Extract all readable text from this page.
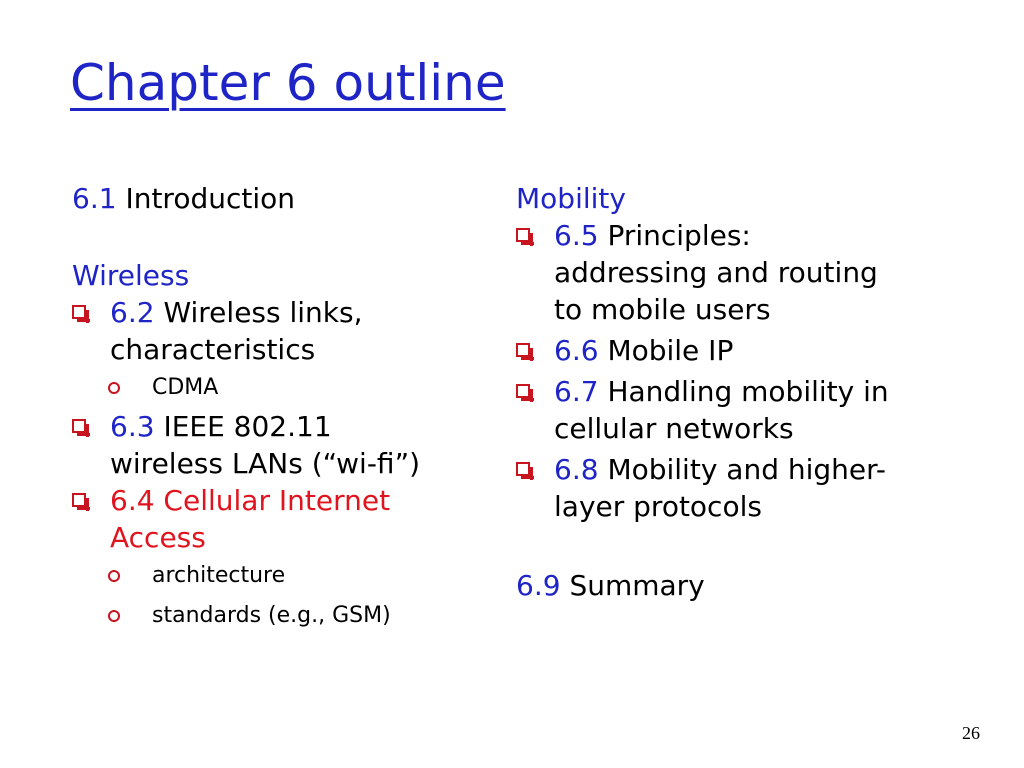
Chapter 6 outline
6.1 Introduction
Wireless
6.2 Wireless links,
characteristics
CDMA
6.3 IEEE 802.11
wireless LANs (“wi-fi”)
6.4 Cellular Internet
Access
architecture
standards (e.g., GSM)
Mobility
6.5 Principles:
addressing and routing
to mobile users
6.6 Mobile IP
6.7 Handling mobility in
cellular networks
6.8 Mobility and higher-
layer protocols
6.9 Summary
26
